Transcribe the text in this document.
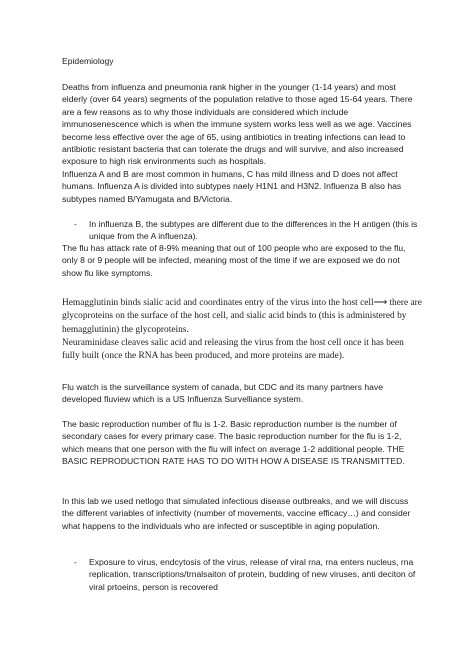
Epidemiology

Deaths from influenza and pneumonia rank higher in the younger (1-14 years) and most elderly (over 64 years) segments of the population relative to those aged 15-64 years. There are a few reasons as to why those individuals are considered which include immunosenescence which is when the immune system works less well as we age. Vaccines become less effective over the age of 65, using antibiotics in treating infections can lead to antibiotic resistant bacteria that can tolerate the drugs and will survive, and also increased exposure to high risk environments such as hospitals.

Influenza A and B are most common in humans, C has mild illness and D does not affect humans. Influenza A is divided into subtypes naely H1N1 and H3N2. Influenza B also has subtypes named B/Yamugata and B/Victoria.

- In influenza B, the subtypes are different due to the differences in the H antigen (this is unique from the A influenza).

The flu has attack rate of 8-9% meaning that out of 100 people who are exposed to the flu, only 8 or 9 people will be infected, meaning most of the time if we are exposed we do not show flu like symptoms.

Hemagglutinin binds sialic acid and coordinates entry of the virus into the host cell⟶ there are glycoproteins on the surface of the host cell, and sialic acid binds to (this is administered by hemagglutinin) the glycoproteins.

Neuraminidase cleaves salic acid and releasing the virus from the host cell once it has been fully built (once the RNA has been produced, and more proteins are made).

Flu watch is the surveillance system of canada, but CDC and its many partners have developed fluview which is a US Influenza Survelliance system.

The basic reproduction number of flu is 1-2. Basic reproduction number is the number of secondary cases for every primary case. The basic reproduction number for the flu is 1-2, which means that one person with the flu will infect on average 1-2 additional people. THE BASIC REPRODUCTION RATE HAS TO DO WITH HOW A DISEASE IS TRANSMITTED.

In this lab we used netlogo that simulated infectious disease outbreaks, and we will discuss the different variables of infectivity (number of movements, vaccine efficacy…) and consider what happens to the individuals who are infected or susceptible in aging population.

- Exposure to virus, endcytosis of the virus, release of viral rna, rna enters nucleus, rna replication, transcriptions/trnalsaiton of protein, budding of new viruses, anti deciton of viral prtoeins, person is recovered
